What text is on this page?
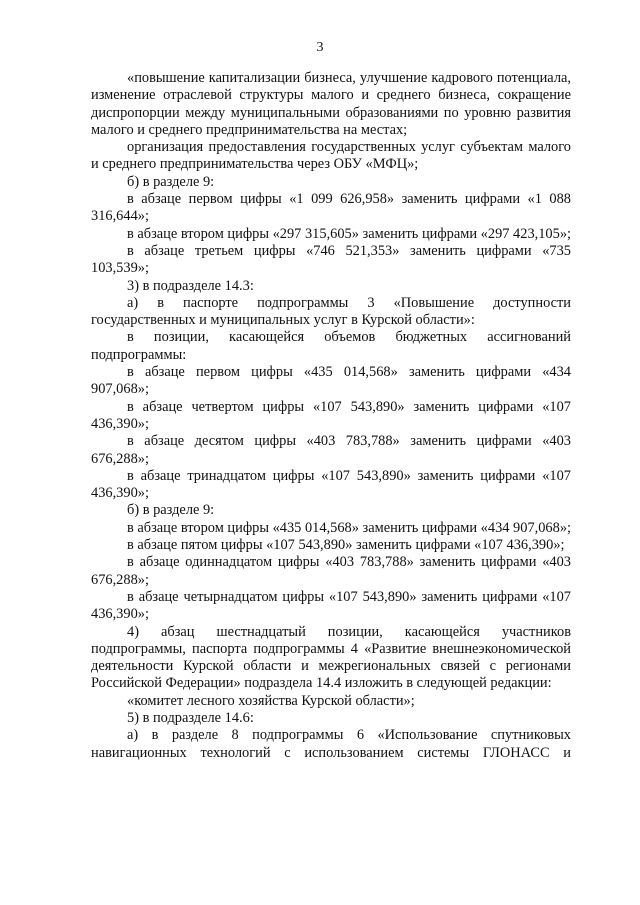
3

«повышение капитализации бизнеса, улучшение кадрового потенциала, изменение отраслевой структуры малого и среднего бизнеса, сокращение диспропорции между муниципальными образованиями по уровню развития малого и среднего предпринимательства на местах;

организация предоставления государственных услуг субъектам малого и среднего предпринимательства через ОБУ «МФЦ»;

б) в разделе 9:

в абзаце первом цифры «1 099 626,958» заменить цифрами «1 088 316,644»;

в абзаце втором цифры «297 315,605» заменить цифрами «297 423,105»;

в абзаце третьем цифры «746 521,353» заменить цифрами «735 103,539»;

3) в подразделе 14.3:

а) в паспорте подпрограммы 3 «Повышение доступности государственных и муниципальных услуг в Курской области»:

в позиции, касающейся объемов бюджетных ассигнований подпрограммы:

в абзаце первом цифры «435 014,568» заменить цифрами «434 907,068»;

в абзаце четвертом цифры «107 543,890» заменить цифрами «107 436,390»;

в абзаце десятом цифры «403 783,788» заменить цифрами «403 676,288»;

в абзаце тринадцатом цифры «107 543,890» заменить цифрами «107 436,390»;

б) в разделе 9:

в абзаце втором цифры «435 014,568» заменить цифрами «434 907,068»;

в абзаце пятом цифры «107 543,890» заменить цифрами «107 436,390»;

в абзаце одиннадцатом цифры «403 783,788» заменить цифрами «403 676,288»;

в абзаце четырнадцатом цифры «107 543,890» заменить цифрами «107 436,390»;

4) абзац шестнадцатый позиции, касающейся участников подпрограммы, паспорта подпрограммы 4 «Развитие внешнеэкономической деятельности Курской области и межрегиональных связей с регионами Российской Федерации» подраздела 14.4 изложить в следующей редакции:

«комитет лесного хозяйства Курской области»;

5) в подразделе 14.6:

а) в разделе 8 подпрограммы 6 «Использование спутниковых навигационных технологий с использованием системы ГЛОНАСС и
